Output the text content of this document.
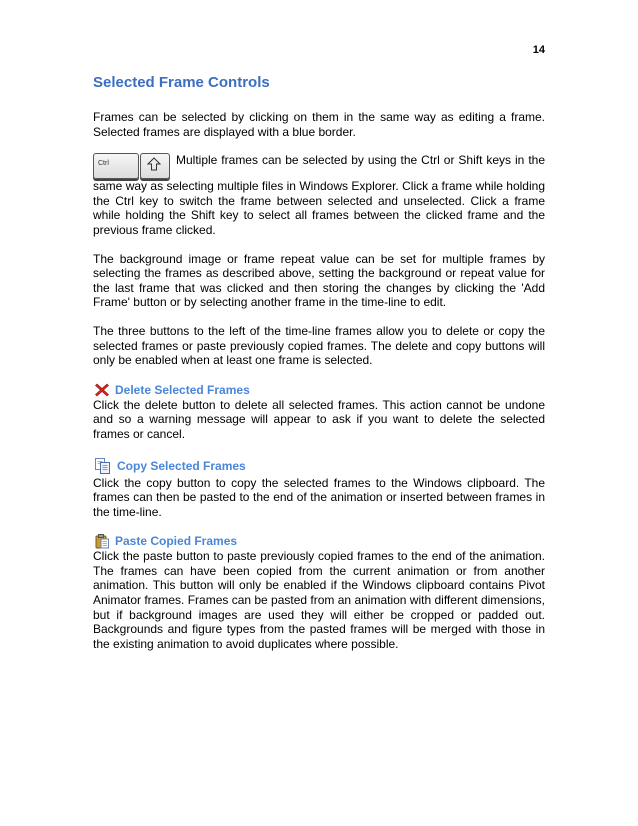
14
Selected Frame Controls

Frames can be selected by clicking on them in the same way as editing a frame. Selected frames are displayed with a blue border.

Ctrl	Multiple frames can be selected by using the Ctrl or Shift keys in the same way as selecting multiple files in Windows Explorer. Click a frame while holding the Ctrl key to switch the frame between selected and unselected. Click a frame while holding the Shift key to select all frames between the clicked frame and the previous frame clicked.

The background image or frame repeat value can be set for multiple frames by selecting the frames as described above, setting the background or repeat value for the last frame that was clicked and then storing the changes by clicking the 'Add Frame' button or by selecting another frame in the time-line to edit.

The three buttons to the left of the time-line frames allow you to delete or copy the selected frames or paste previously copied frames. The delete and copy buttons will only be enabled when at least one frame is selected.

Delete Selected Frames

Click the delete button to delete all selected frames. This action cannot be undone and so a warning message will appear to ask if you want to delete the selected frames or cancel.

Copy Selected Frames

Click the copy button to copy the selected frames to the Windows clipboard. The frames can then be pasted to the end of the animation or inserted between frames in the time-line.

Paste Copied Frames

Click the paste button to paste previously copied frames to the end of the animation. The frames can have been copied from the current animation or from another animation. This button will only be enabled if the Windows clipboard contains Pivot Animator frames. Frames can be pasted from an animation with different dimensions, but if background images are used they will either be cropped or padded out. Backgrounds and figure types from the pasted frames will be merged with those in the existing animation to avoid duplicates where possible.
